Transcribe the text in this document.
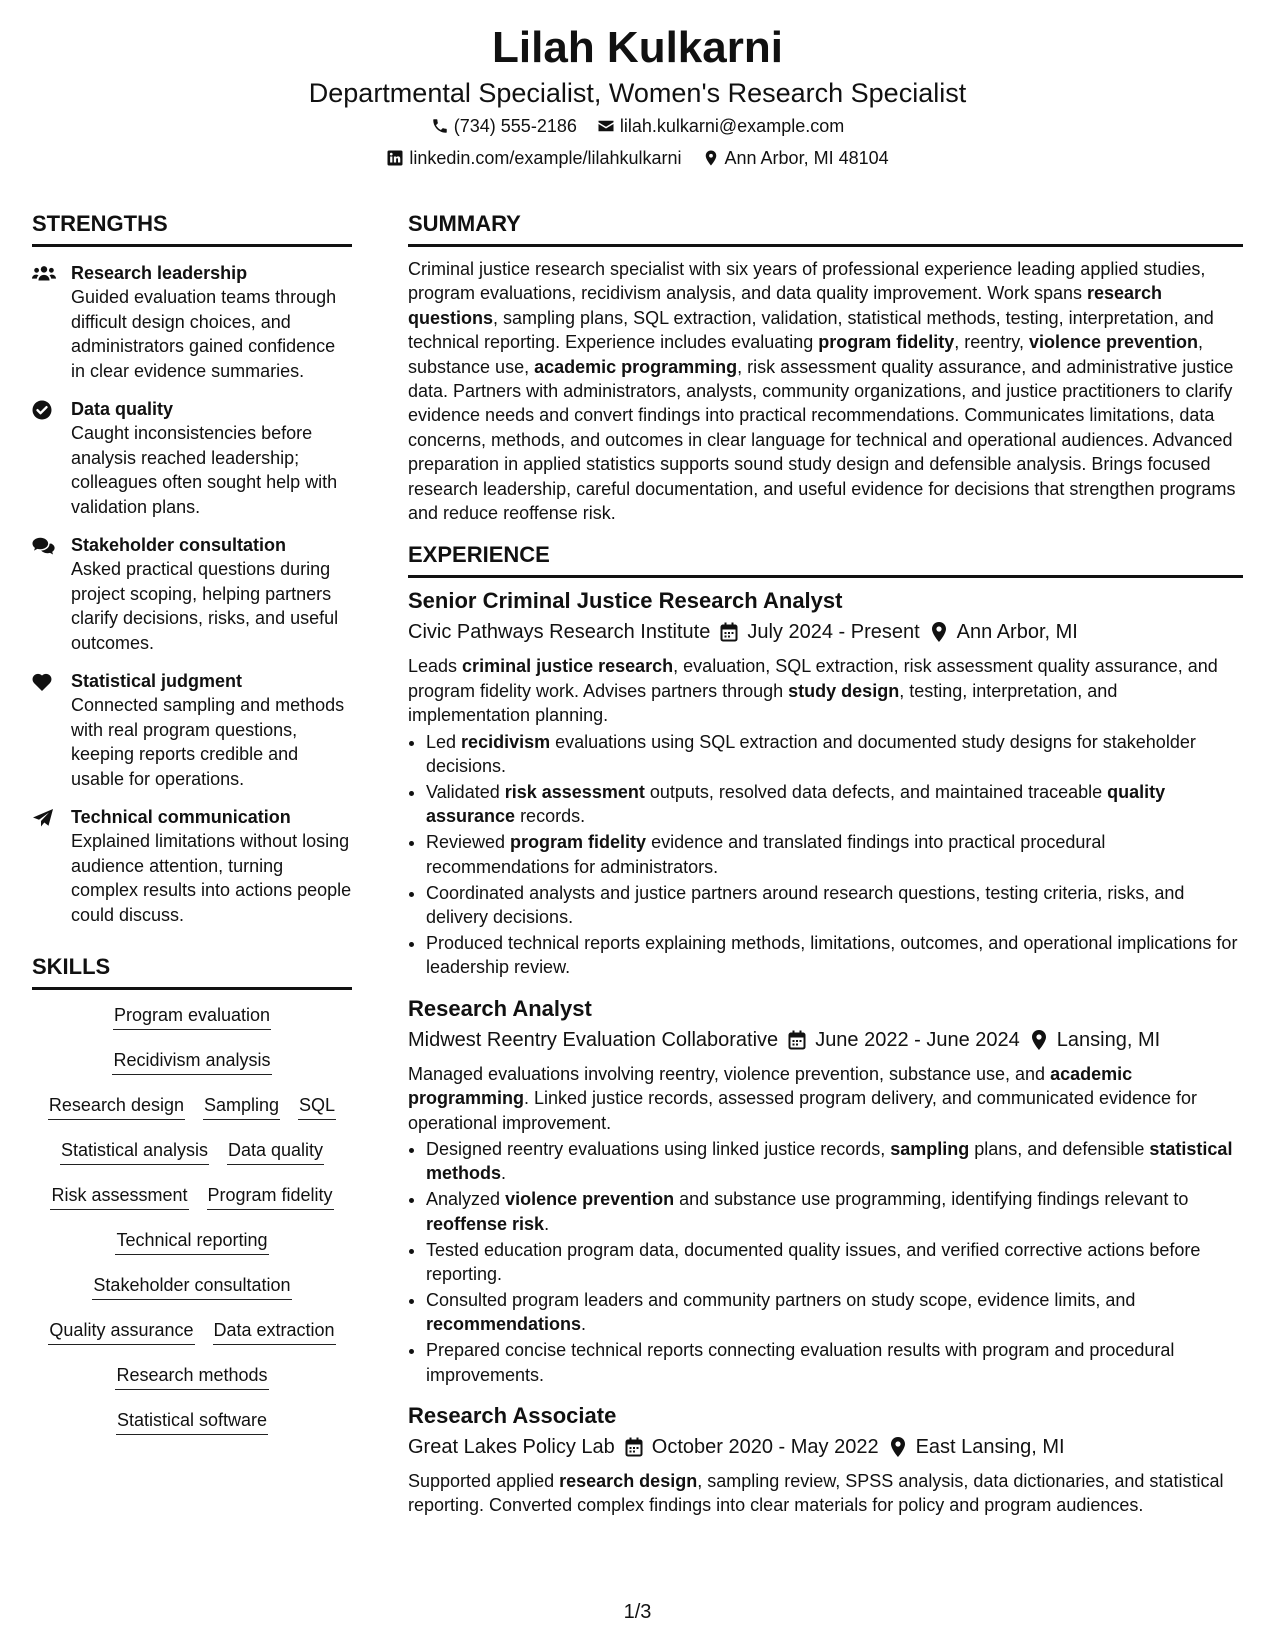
Lilah Kulkarni
Departmental Specialist, Women's Research Specialist
(734) 555-2186 lilah.kulkarni@example.com
linkedin.com/example/lilahkulkarni Ann Arbor, MI 48104
STRENGTHS
Research leadership
Guided evaluation teams through difficult design choices, and administrators gained confidence in clear evidence summaries.
Data quality
Caught inconsistencies before analysis reached leadership; colleagues often sought help with validation plans.
Stakeholder consultation
Asked practical questions during project scoping, helping partners clarify decisions, risks, and useful outcomes.
Statistical judgment
Connected sampling and methods with real program questions, keeping reports credible and usable for operations.
Technical communication
Explained limitations without losing audience attention, turning complex results into actions people could discuss.
SKILLS
Program evaluation
Recidivism analysis
Research design Sampling SQL
Statistical analysis Data quality
Risk assessment Program fidelity
Technical reporting
Stakeholder consultation
Quality assurance Data extraction
Research methods
Statistical software
SUMMARY

Criminal justice research specialist with six years of professional experience leading applied studies, program evaluations, recidivism analysis, and data quality improvement. Work spans research questions, sampling plans, SQL extraction, validation, statistical methods, testing, interpretation, and technical reporting. Experience includes evaluating program fidelity, reentry, violence prevention, substance use, academic programming, risk assessment quality assurance, and administrative justice data. Partners with administrators, analysts, community organizations, and justice practitioners to clarify evidence needs and convert findings into practical recommendations. Communicates limitations, data concerns, methods, and outcomes in clear language for technical and operational audiences. Advanced preparation in applied statistics supports sound study design and defensible analysis. Brings focused research leadership, careful documentation, and useful evidence for decisions that strengthen programs and reduce reoffense risk.

EXPERIENCE
Senior Criminal Justice Research Analyst
Civic Pathways Research Institute July 2024 - Present Ann Arbor, MI
Leads criminal justice research, evaluation, SQL extraction, risk assessment quality assurance, and program fidelity work. Advises partners through study design, testing, interpretation, and implementation planning.
• Led recidivism evaluations using SQL extraction and documented study designs for stakeholder decisions.
• Validated risk assessment outputs, resolved data defects, and maintained traceable quality assurance records.
• Reviewed program fidelity evidence and translated findings into practical procedural recommendations for administrators.
• Coordinated analysts and justice partners around research questions, testing criteria, risks, and delivery decisions.
• Produced technical reports explaining methods, limitations, outcomes, and operational implications for leadership review.
Research Analyst
Midwest Reentry Evaluation Collaborative June 2022 - June 2024 Lansing, MI
Managed evaluations involving reentry, violence prevention, substance use, and academic programming. Linked justice records, assessed program delivery, and communicated evidence for operational improvement.
• Designed reentry evaluations using linked justice records, sampling plans, and defensible statistical methods.
• Analyzed violence prevention and substance use programming, identifying findings relevant to reoffense risk.
• Tested education program data, documented quality issues, and verified corrective actions before reporting.
• Consulted program leaders and community partners on study scope, evidence limits, and recommendations.
• Prepared concise technical reports connecting evaluation results with program and procedural improvements.
Research Associate
Great Lakes Policy Lab October 2020 - May 2022 East Lansing, MI
Supported applied research design, sampling review, SPSS analysis, data dictionaries, and statistical reporting. Converted complex findings into clear materials for policy and program audiences.
1/3
